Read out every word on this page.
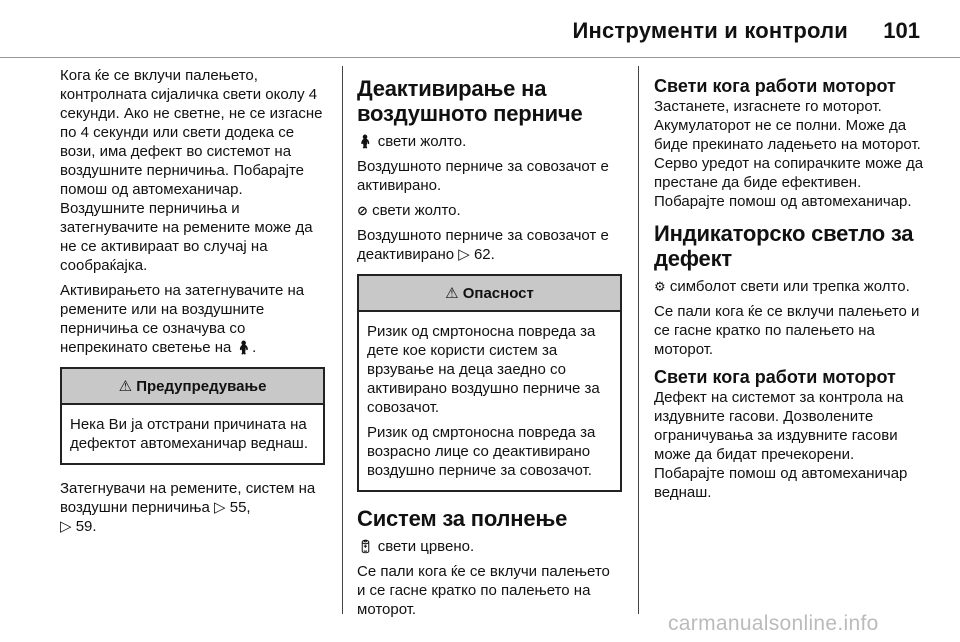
Инструменти и контроли 101

Кога ќе се вклучи палењето, контролната сијаличка свети околу 4 секунди. Ако не светне, не се изгасне по 4 секунди или свети додека се вози, има дефект во системот на воздушните перничиња. Побарајте помош од автомеханичар. Воздушните перничиња и затегнувачите на ремените може да не се активираат во случај на сообраќајка.

Активирањето на затегнувачите на ремените или на воздушните перничиња се означува со непрекинато светење на 🧍︎.

⚠ Предупредување

Нека Ви ја отстрани причината на дефектот автомеханичар веднаш.

Затегнувачи на ремените, систем на воздушни перничиња ▷ 55,
▷ 59.

Деактивирање на воздушното перниче

🧍︎ свети жолто.

Воздушното перниче за совозачот е активирано.

⊘ свети жолто.

Воздушното перниче за совозачот е деактивирано ▷ 62.

⚠ Опасност

Ризик од смртоносна повреда за дете кое користи систем за врзување на деца заедно со активирано воздушно перниче за совозачот.

Ризик од смртоносна повреда за возрасно лице со деактивирано воздушно перниче за совозачот.

Систем за полнење

🔋︎ свети црвено.

Се пали кога ќе се вклучи палењето и се гасне кратко по палењето на моторот.

Свети кога работи моторот

Застанете, изгаснете го моторот. Акумулаторот не се полни. Може да биде прекинато ладењето на моторот. Серво уредот на сопирачките може да престане да биде ефективен. Побарајте помош од автомеханичар.

Индикаторско светло за дефект

⚙︎ симболот свети или трепка жолто.

Се пали кога ќе се вклучи палењето и се гасне кратко по палењето на моторот.

Свети кога работи моторот

Дефект на системот за контрола на издувните гасови. Дозволените ограничувања за издувните гасови може да бидат пречекорени. Побарајте помош од автомеханичар веднаш.

carmanualsonline.info
